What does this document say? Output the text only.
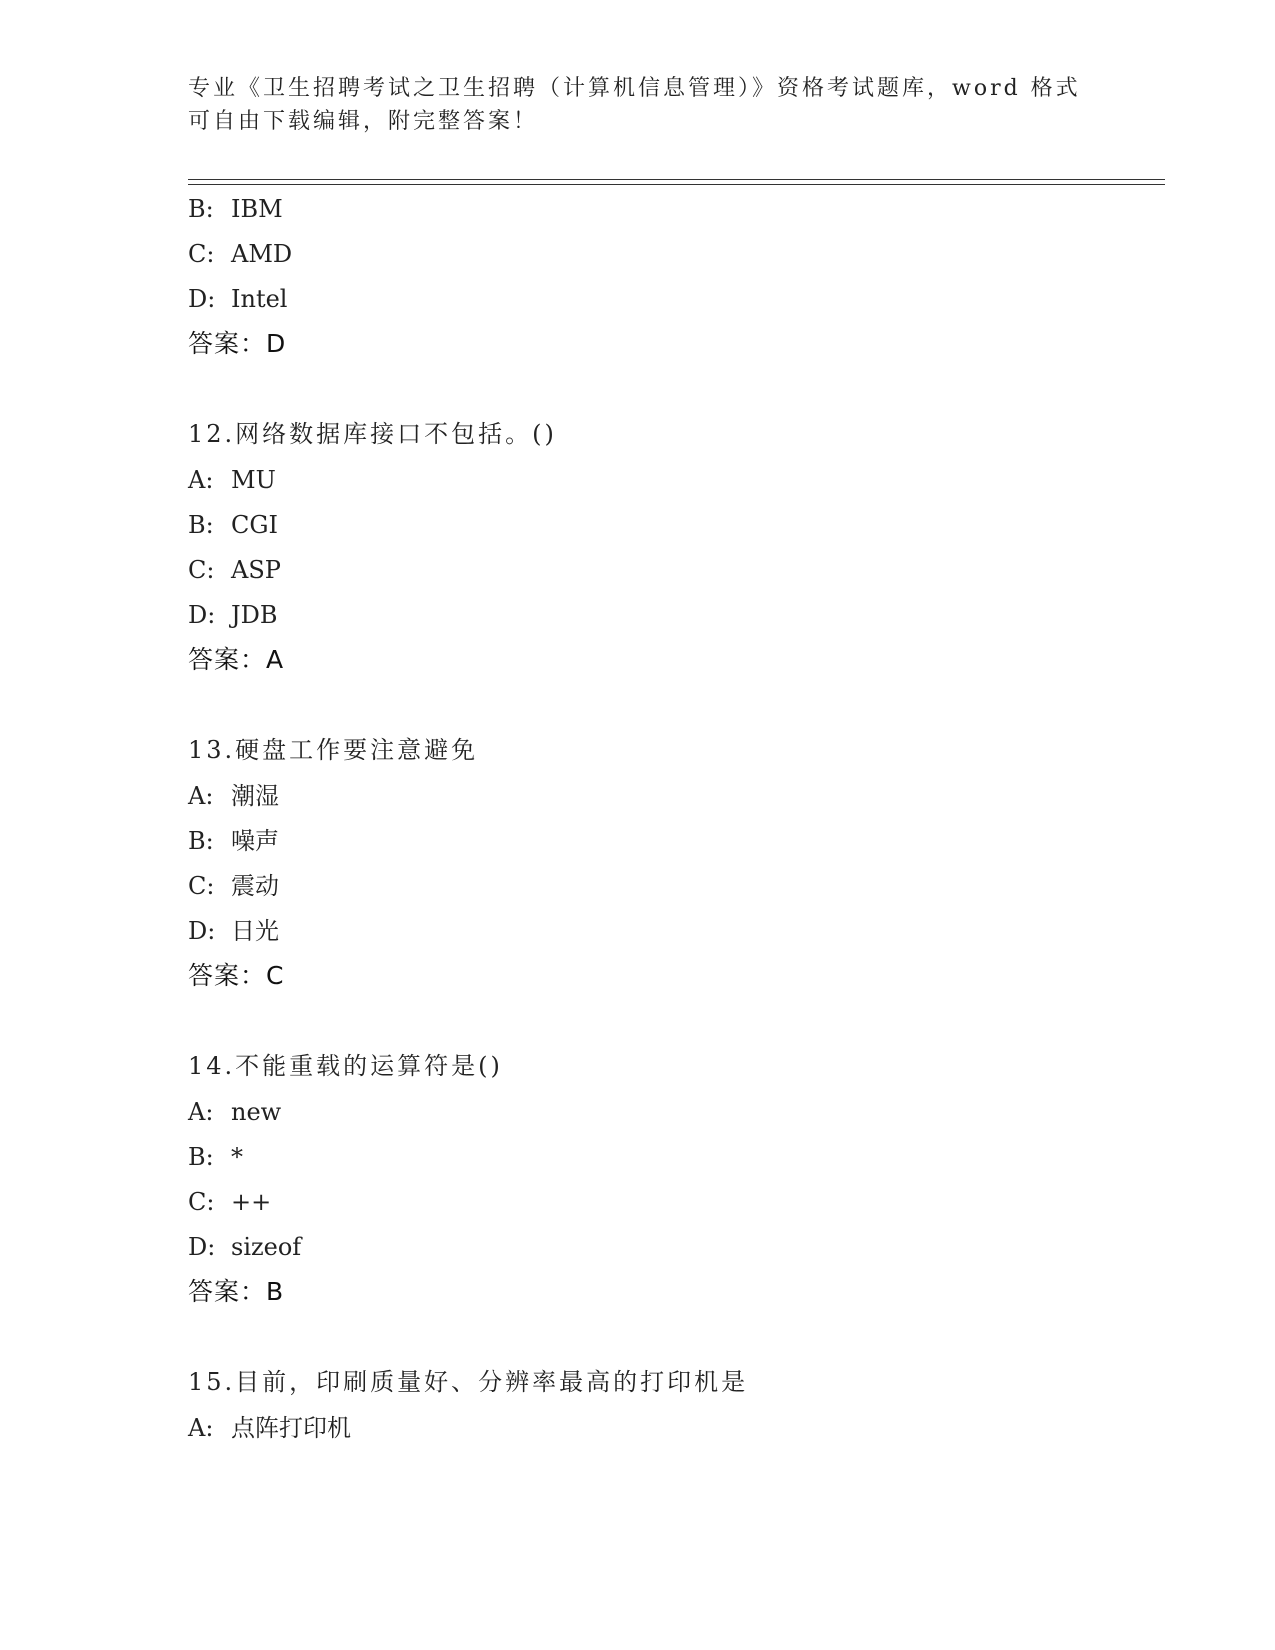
专业《卫生招聘考试之卫生招聘（计算机信息管理）》资格考试题库，word 格式
可自由下载编辑，附完整答案！
B: IBM
C: AMD
D: Intel
答案：D
12.网络数据库接口不包括。()
A: MU
B: CGI
C: ASP
D: JDB
答案：A
13.硬盘工作要注意避免
A: 潮湿
B: 噪声
C: 震动
D: 日光
答案：C
14.不能重载的运算符是()
A: new
B: *
C: ++
D: sizeof
答案：B
15.目前，印刷质量好、分辨率最高的打印机是
A: 点阵打印机
